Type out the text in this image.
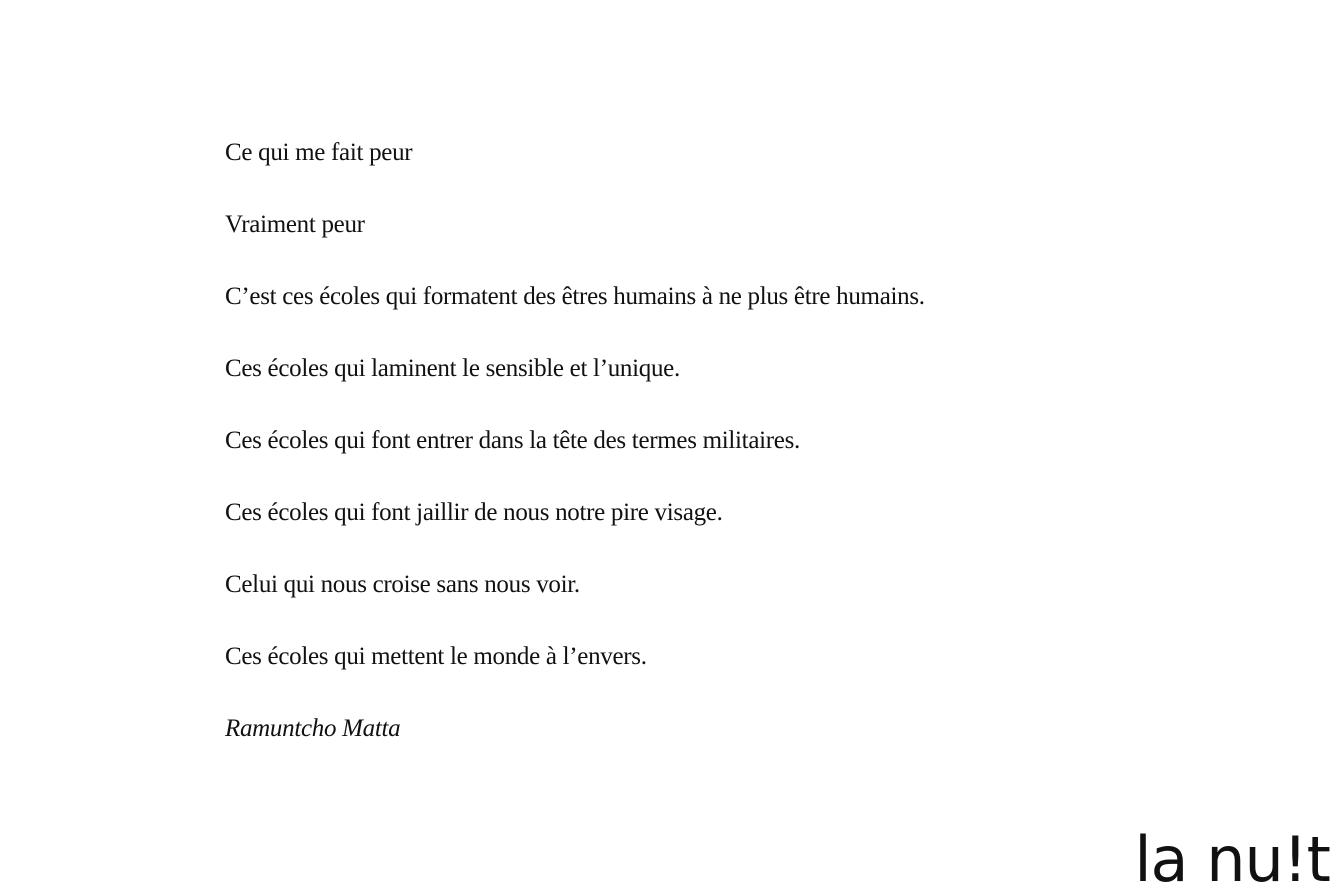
Ce qui me fait peur

Vraiment peur

C’est ces écoles qui formatent des êtres humains à ne plus être humains.

Ces écoles qui laminent le sensible et l’unique.

Ces écoles qui font entrer dans la tête des termes militaires.

Ces écoles qui font jaillir de nous notre pire visage.

Celui qui nous croise sans nous voir.

Ces écoles qui mettent le monde à l’envers.

Ramuntcho Matta

la nu!t
